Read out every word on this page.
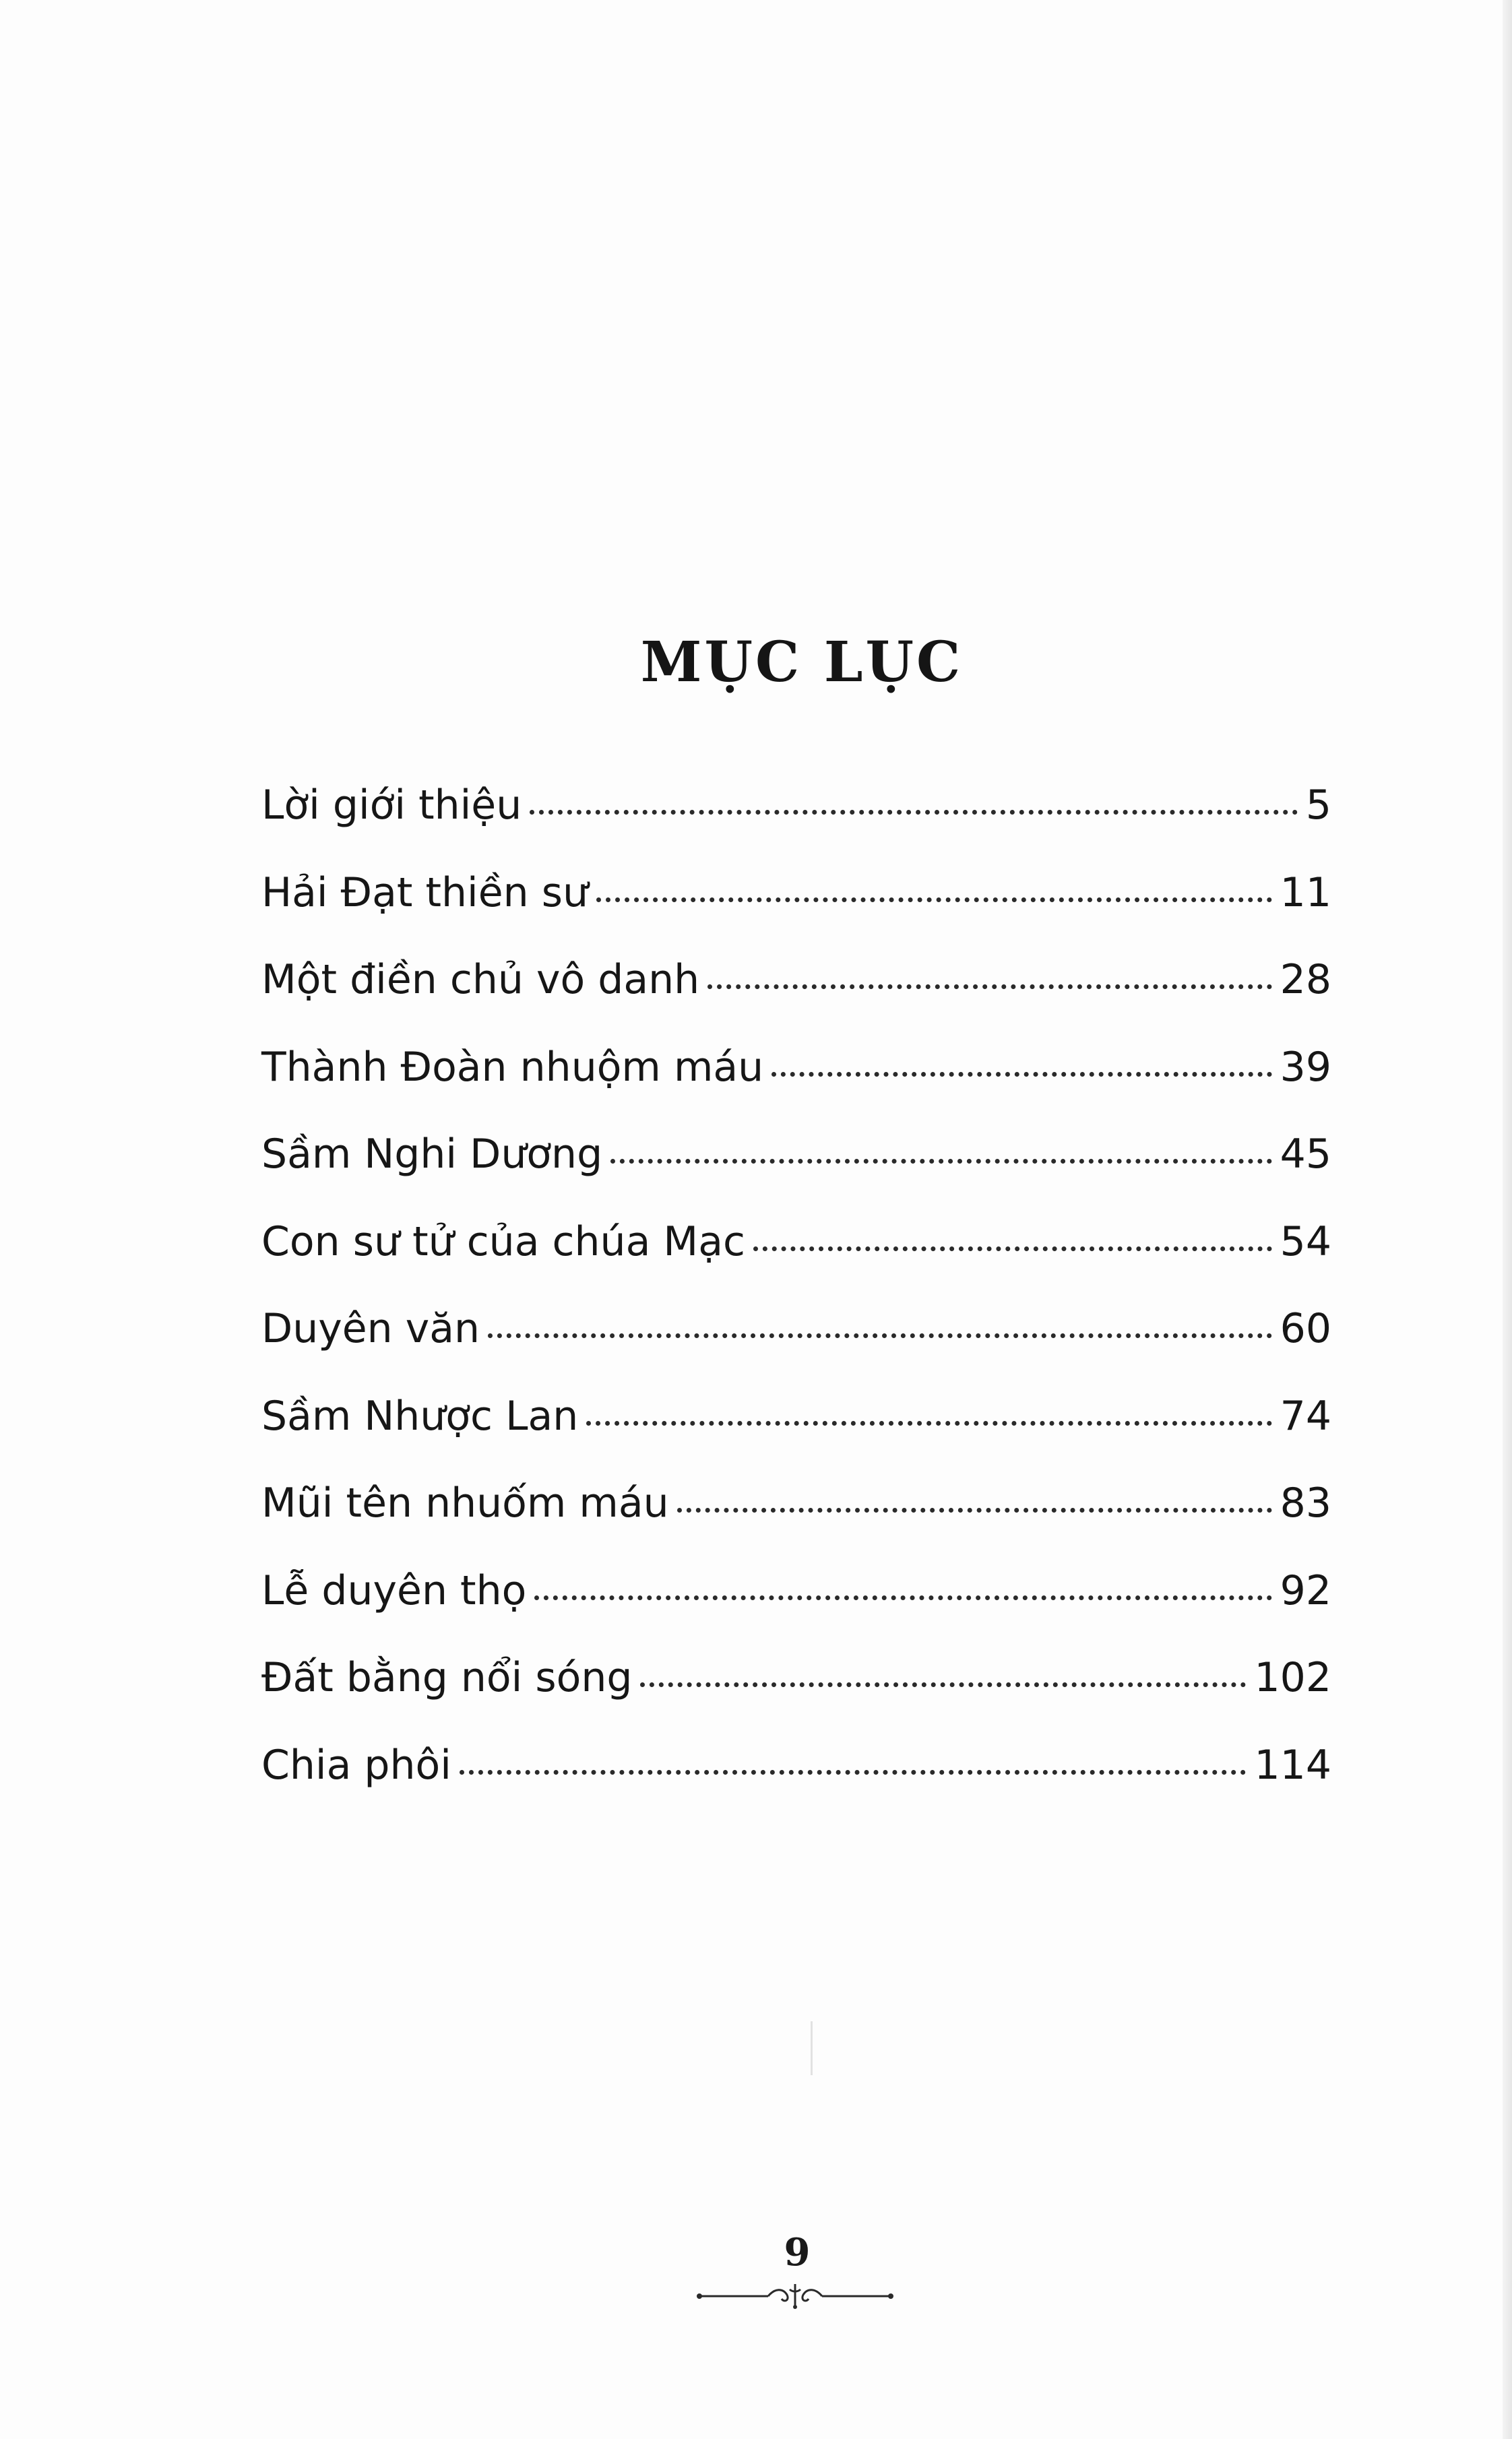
MỤC LỤC
Lời giới thiệu	5
Hải Đạt thiền sư	11
Một điền chủ vô danh	28
Thành Đoàn nhuộm máu	39
Sầm Nghi Dương	45
Con sư tử của chúa Mạc	54
Duyên văn	60
Sầm Nhược Lan	74
Mũi tên nhuốm máu	83
Lễ duyên thọ	92
Đất bằng nổi sóng	102
Chia phôi	114
9
